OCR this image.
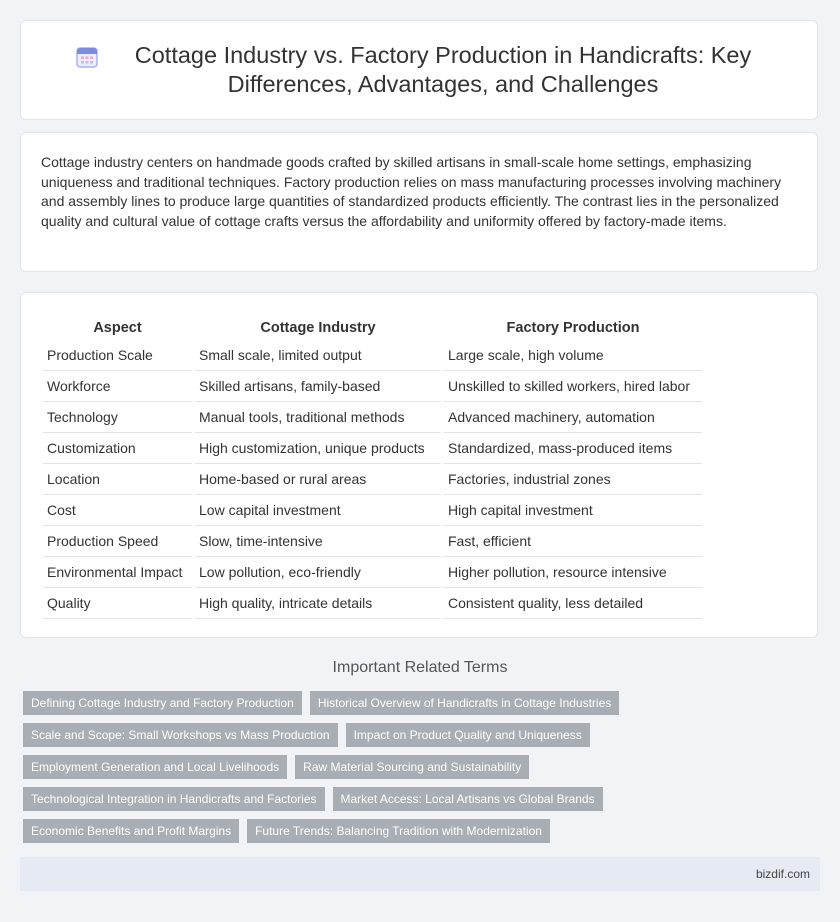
Cottage Industry vs. Factory Production in Handicrafts: Key Differences, Advantages, and Challenges

Cottage industry centers on handmade goods crafted by skilled artisans in small-scale home settings, emphasizing uniqueness and traditional techniques. Factory production relies on mass manufacturing processes involving machinery and assembly lines to produce large quantities of standardized products efficiently. The contrast lies in the personalized quality and cultural value of cottage crafts versus the affordability and uniformity offered by factory-made items.

Aspect	Cottage Industry	Factory Production
Production Scale	Small scale, limited output	Large scale, high volume
Workforce	Skilled artisans, family-based	Unskilled to skilled workers, hired labor
Technology	Manual tools, traditional methods	Advanced machinery, automation
Customization	High customization, unique products	Standardized, mass-produced items
Location	Home-based or rural areas	Factories, industrial zones
Cost	Low capital investment	High capital investment
Production Speed	Slow, time-intensive	Fast, efficient
Environmental Impact	Low pollution, eco-friendly	Higher pollution, resource intensive
Quality	High quality, intricate details	Consistent quality, less detailed
Important Related Terms
Defining Cottage Industry and Factory Production	Historical Overview of Handicrafts in Cottage Industries
Scale and Scope: Small Workshops vs Mass Production	Impact on Product Quality and Uniqueness
Employment Generation and Local Livelihoods	Raw Material Sourcing and Sustainability
Technological Integration in Handicrafts and Factories	Market Access: Local Artisans vs Global Brands
Economic Benefits and Profit Margins	Future Trends: Balancing Tradition with Modernization
bizdif.com
